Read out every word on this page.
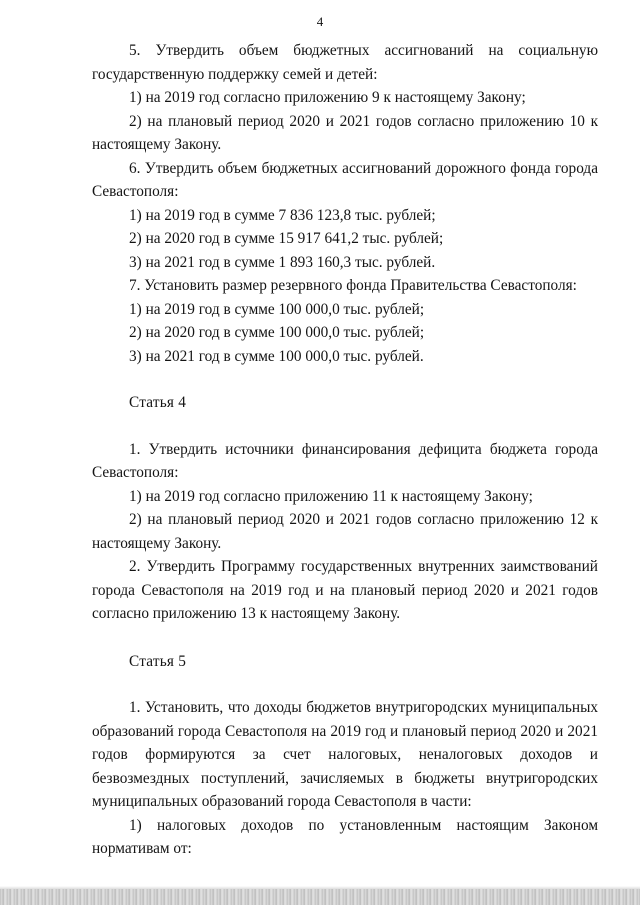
4

5. Утвердить объем бюджетных ассигнований на социальную государственную поддержку семей и детей:

1) на 2019 год согласно приложению 9 к настоящему Закону;

2) на плановый период 2020 и 2021 годов согласно приложению 10 к настоящему Закону.

6. Утвердить объем бюджетных ассигнований дорожного фонда города Севастополя:

1) на 2019 год в сумме 7 836 123,8 тыс. рублей;

2) на 2020 год в сумме 15 917 641,2 тыс. рублей;

3) на 2021 год в сумме 1 893 160,3 тыс. рублей.

7. Установить размер резервного фонда Правительства Севастополя:

1) на 2019 год в сумме 100 000,0 тыс. рублей;

2) на 2020 год в сумме 100 000,0 тыс. рублей;

3) на 2021 год в сумме 100 000,0 тыс. рублей.

Статья 4

1. Утвердить источники финансирования дефицита бюджета города Севастополя:

1) на 2019 год согласно приложению 11 к настоящему Закону;

2) на плановый период 2020 и 2021 годов согласно приложению 12 к настоящему Закону.

2. Утвердить Программу государственных внутренних заимствований города Севастополя на 2019 год и на плановый период 2020 и 2021 годов согласно приложению 13 к настоящему Закону.

Статья 5

1. Установить, что доходы бюджетов внутригородских муниципальных образований города Севастополя на 2019 год и плановый период 2020 и 2021 годов формируются за счет налоговых, неналоговых доходов и безвозмездных поступлений, зачисляемых в бюджеты внутригородских муниципальных образований города Севастополя в части:

1) налоговых доходов по установленным настоящим Законом нормативам от:
